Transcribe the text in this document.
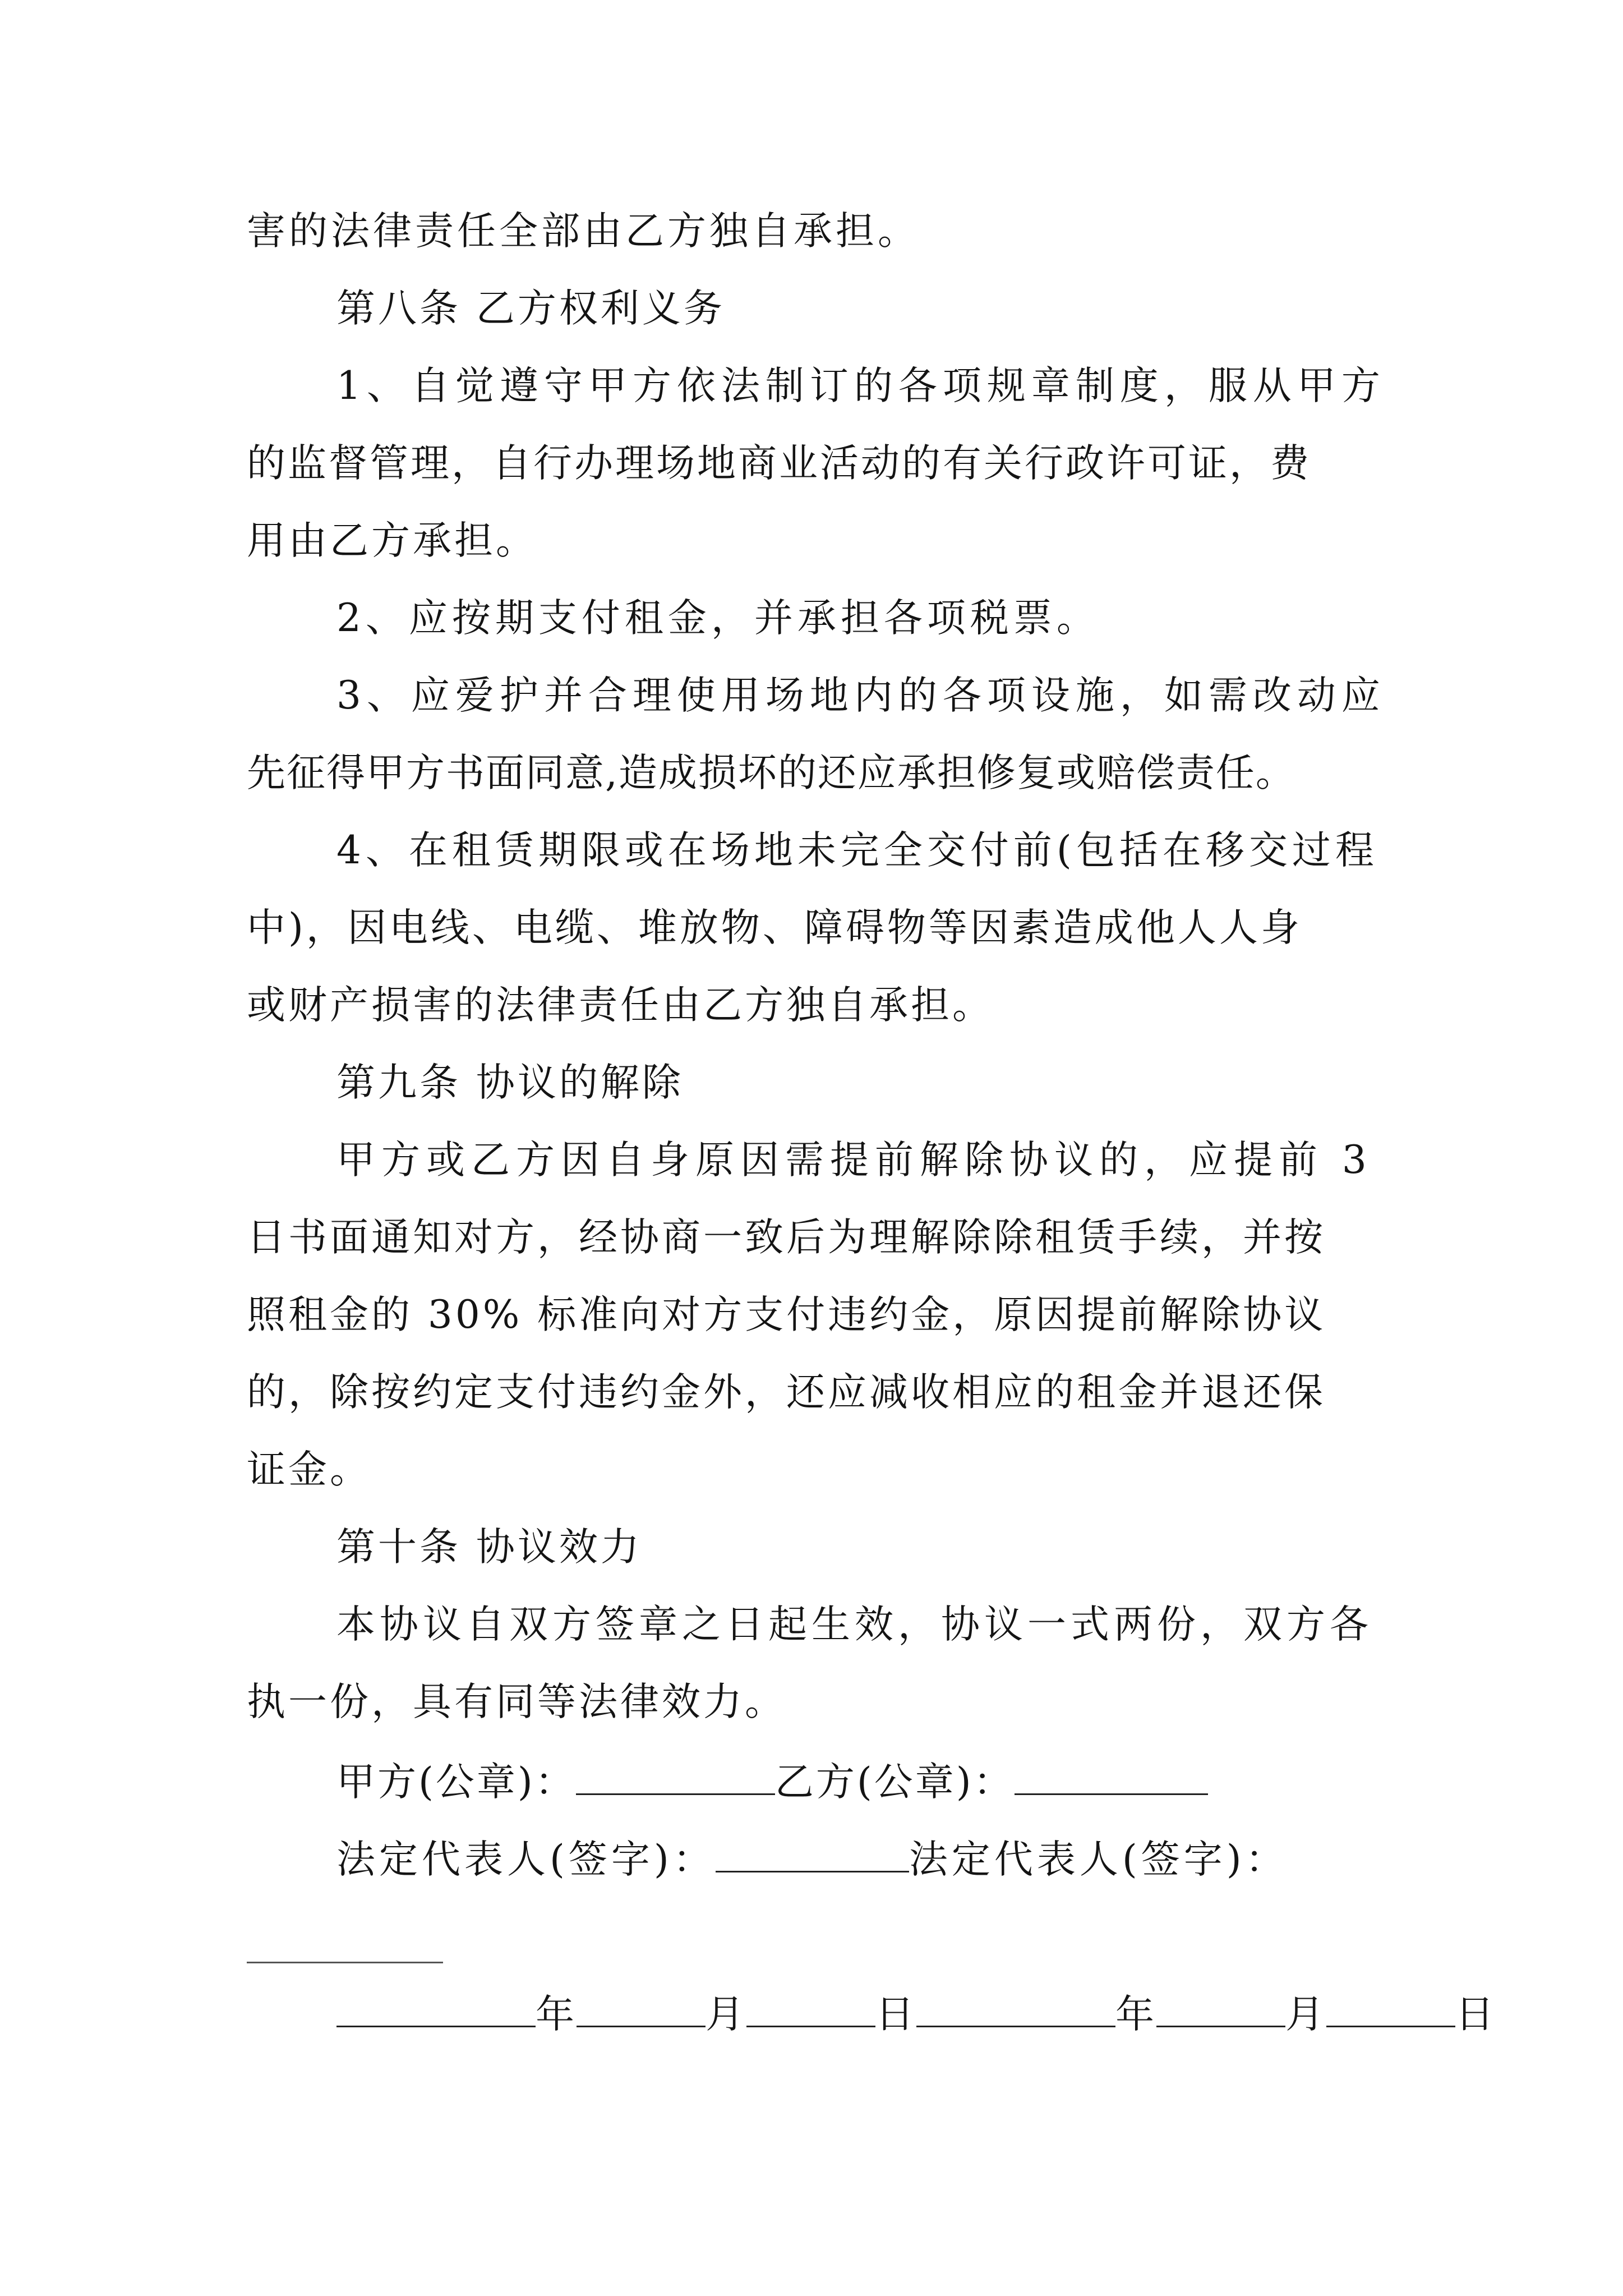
害的法律责任全部由乙方独自承担。
第八条 乙方权利义务
1、自觉遵守甲方依法制订的各项规章制度，服从甲方
的监督管理，自行办理场地商业活动的有关行政许可证，费
用由乙方承担。
2、应按期支付租金，并承担各项税票。
3、应爱护并合理使用场地内的各项设施，如需改动应
先征得甲方书面同意,造成损坏的还应承担修复或赔偿责任。
4、在租赁期限或在场地未完全交付前(包括在移交过程
中)，因电线、电缆、堆放物、障碍物等因素造成他人人身
或财产损害的法律责任由乙方独自承担。
第九条 协议的解除
甲方或乙方因自身原因需提前解除协议的，应提前 3
日书面通知对方，经协商一致后为理解除除租赁手续，并按
照租金的 30% 标准向对方支付违约金，原因提前解除协议
的，除按约定支付违约金外，还应减收相应的租金并退还保
证金。
第十条 协议效力
本协议自双方签章之日起生效，协议一式两份，双方各
执一份，具有同等法律效力。
甲方(公章)：	乙方(公章)：
法定代表人(签字)：	法定代表人(签字)：
年	月	日	年	月	日
